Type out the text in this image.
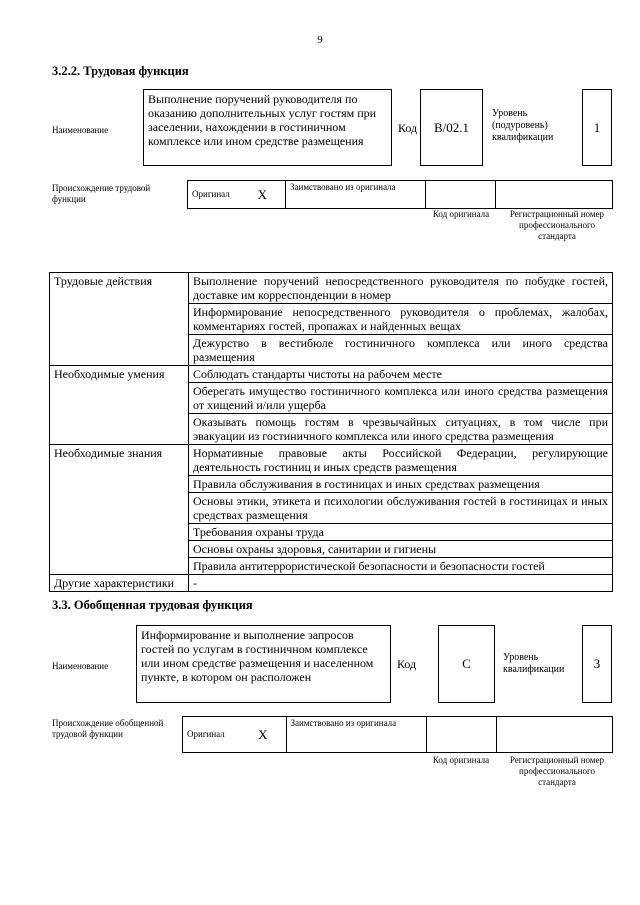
9
3.2.2. Трудовая функция
Наименование
Выполнение поручений руководителя по оказанию дополнительных услуг гостям при заселении, нахождении в гостиничном комплексе или ином средстве размещения
Код B/02.1
Уровень (подуровень) квалификации
1
Происхождение трудовой функции	Оригинал X	Заимствовано из оригинала
Код оригинала	Регистрационный номер профессионального стандарта
Трудовые действия	Выполнение поручений непосредственного руководителя по побудке гостей, доставке им корреспонденции в номер
	Информирование непосредственного руководителя о проблемах, жалобах, комментариях гостей, пропажах и найденных вещах
	Дежурство в вестибюле гостиничного комплекса или иного средства размещения
Необходимые умения	Соблюдать стандарты чистоты на рабочем месте
	Оберегать имущество гостиничного комплекса или иного средства размещения от хищений и/или ущерба
	Оказывать помощь гостям в чрезвычайных ситуациях, в том числе при эвакуации из гостиничного комплекса или иного средства размещения
Необходимые знания	Нормативные правовые акты Российской Федерации, регулирующие деятельность гостиниц и иных средств размещения
	Правила обслуживания в гостиницах и иных средствах размещения
	Основы этики, этикета и психологии обслуживания гостей в гостиницах и иных средствах размещения
	Требования охраны труда
	Основы охраны здоровья, санитарии и гигиены
	Правила антитеррористической безопасности и безопасности гостей
Другие характеристики	-
3.3. Обобщенная трудовая функция
Наименование
Информирование и выполнение запросов гостей по услугам в гостиничном комплексе или ином средстве размещения и населенном пункте, в котором он расположен
Код	C	Уровень квалификации	3
Происхождение обобщенной трудовой функции	Оригинал	X
Заимствовано из оригинала
Код оригинала	Регистрационный номер профессионального стандарта
